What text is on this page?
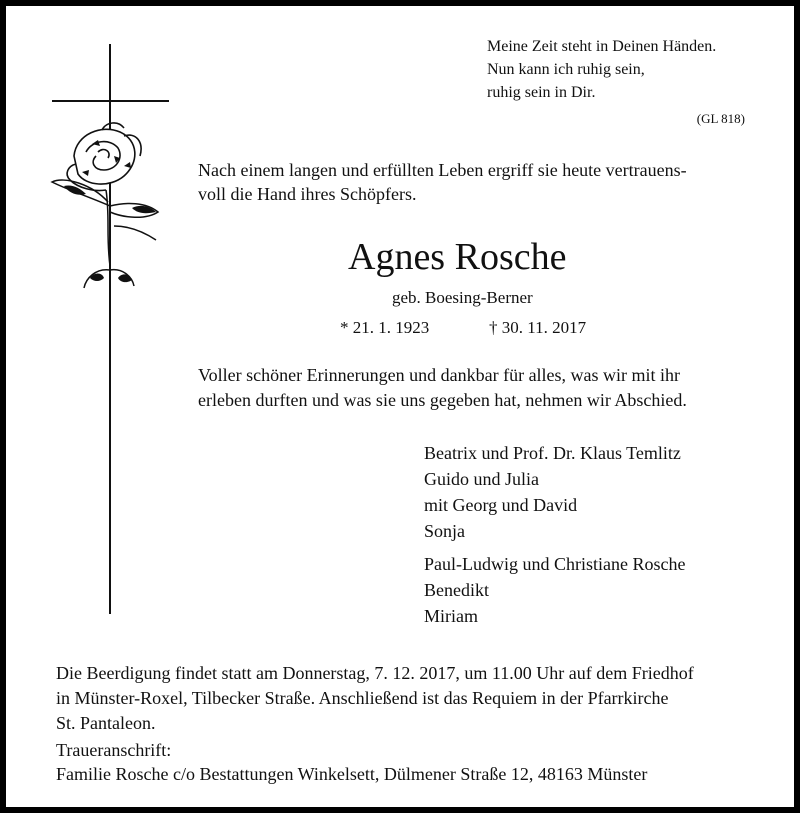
Meine Zeit steht in Deinen Händen.
Nun kann ich ruhig sein,
ruhig sein in Dir.
(GL 818)
Nach einem langen und erfüllten Leben ergriff sie heute vertrauens-
voll die Hand ihres Schöpfers.
Agnes Rosche
geb. Boesing-Berner
* 21. 1. 1923	† 30. 11. 2017
Voller schöner Erinnerungen und dankbar für alles, was wir mit ihr
erleben durften und was sie uns gegeben hat, nehmen wir Abschied.
Beatrix und Prof. Dr. Klaus Temlitz
Guido und Julia
mit Georg und David
Sonja
Paul-Ludwig und Christiane Rosche
Benedikt
Miriam
Die Beerdigung findet statt am Donnerstag, 7. 12. 2017, um 11.00 Uhr auf dem Friedhof
in Münster-Roxel, Tilbecker Straße. Anschließend ist das Requiem in der Pfarrkirche
St. Pantaleon.
Traueranschrift:
Familie Rosche c/o Bestattungen Winkelsett, Dülmener Straße 12, 48163 Münster
